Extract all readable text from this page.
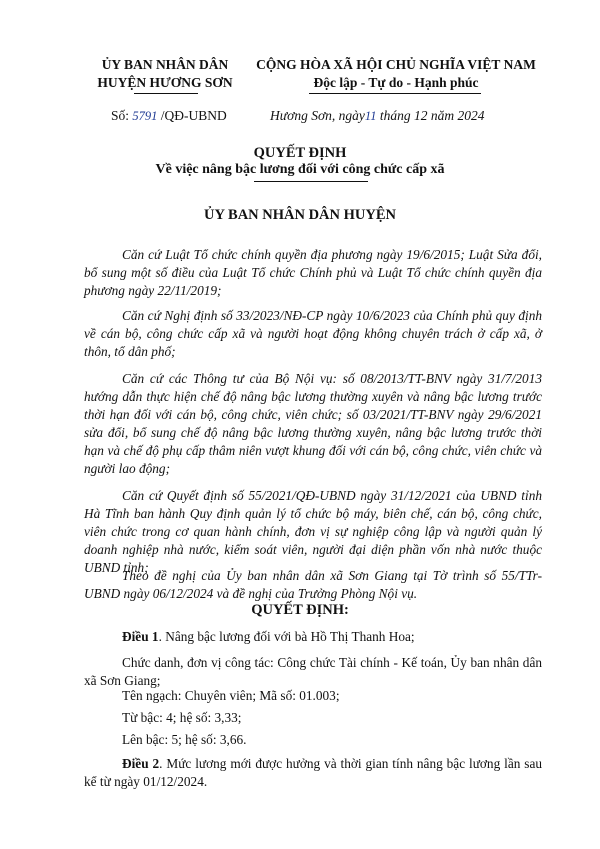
ỦY BAN NHÂN DÂN
HUYỆN HƯƠNG SƠN
CỘNG HÒA XÃ HỘI CHỦ NGHĨA VIỆT NAM
Độc lập - Tự do - Hạnh phúc
Số: 5791 /QĐ-UBND	Hương Sơn, ngày11 tháng 12 năm 2024
QUYẾT ĐỊNH
Về việc nâng bậc lương đối với công chức cấp xã
ỦY BAN NHÂN DÂN HUYỆN
Căn cứ Luật Tổ chức chính quyền địa phương ngày 19/6/2015; Luật Sửa đổi, bổ sung một số điều của Luật Tổ chức Chính phủ và Luật Tổ chức chính quyền địa phương ngày 22/11/2019;
Căn cứ Nghị định số 33/2023/NĐ-CP ngày 10/6/2023 của Chính phủ quy định về cán bộ, công chức cấp xã và người hoạt động không chuyên trách ở cấp xã, ở thôn, tổ dân phố;
Căn cứ các Thông tư của Bộ Nội vụ: số 08/2013/TT-BNV ngày 31/7/2013 hướng dẫn thực hiện chế độ nâng bậc lương thường xuyên và nâng bậc lương trước thời hạn đối với cán bộ, công chức, viên chức; số 03/2021/TT-BNV ngày 29/6/2021 sửa đổi, bổ sung chế độ nâng bậc lương thường xuyên, nâng bậc lương trước thời hạn và chế độ phụ cấp thâm niên vượt khung đối với cán bộ, công chức, viên chức và người lao động;
Căn cứ Quyết định số 55/2021/QĐ-UBND ngày 31/12/2021 của UBND tỉnh Hà Tĩnh ban hành Quy định quản lý tổ chức bộ máy, biên chế, cán bộ, công chức, viên chức trong cơ quan hành chính, đơn vị sự nghiệp công lập và người quản lý doanh nghiệp nhà nước, kiểm soát viên, người đại diện phần vốn nhà nước thuộc UBND tỉnh;
Theo đề nghị của Ủy ban nhân dân xã Sơn Giang tại Tờ trình số 55/TTr-UBND ngày 06/12/2024 và đề nghị của Trưởng Phòng Nội vụ.
QUYẾT ĐỊNH:
Điều 1. Nâng bậc lương đối với bà Hồ Thị Thanh Hoa;
Chức danh, đơn vị công tác: Công chức Tài chính - Kế toán, Ủy ban nhân dân xã Sơn Giang;
Tên ngạch: Chuyên viên; Mã số: 01.003;
Từ bậc: 4; hệ số: 3,33;
Lên bậc: 5; hệ số: 3,66.
Điều 2. Mức lương mới được hưởng và thời gian tính nâng bậc lương lần sau kể từ ngày 01/12/2024.
